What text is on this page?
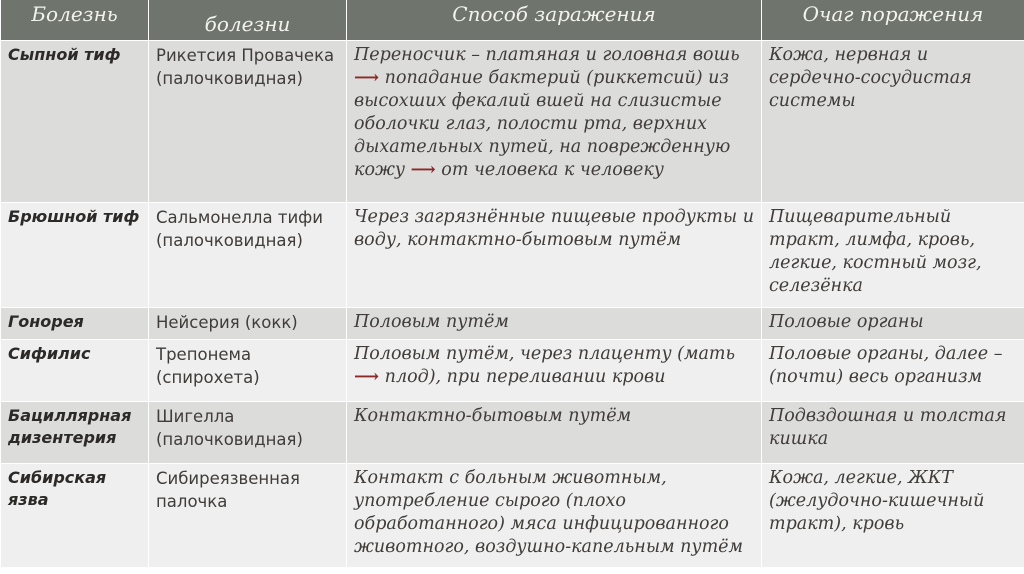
Болезнь	болезни	Способ заражения	Очаг поражения
Сыпной тиф	Рикетсия Провачека (палочковидная)	Переносчик – платяная и головная вошь ⟶ попадание бактерий (риккетсий) из высохших фекалий вшей на слизистые оболочки глаз, полости рта, верхних дыхательных путей, на поврежденную кожу ⟶ от человека к человеку	Кожа, нервная и сердечно-сосудистая системы
Брюшной тиф	Сальмонелла тифи (палочковидная)	Через загрязнённые пищевые продукты и воду, контактно-бытовым путём	Пищеварительный тракт, лимфа, кровь, легкие, костный мозг, селезёнка
Гонорея	Нейсерия (кокк)	Половым путём	Половые органы
Сифилис	Трепонема (спирохета)	Половым путём, через плаценту (мать ⟶ плод), при переливании крови	Половые органы, далее – (почти) весь организм
Бациллярная дизентерия	Шигелла (палочковидная)	Контактно-бытовым путём	Подвздошная и толстая кишка
Сибирская язва	Сибиреязвенная палочка	Контакт с больным животным, употребление сырого (плохо обработанного) мяса инфицированного животного, воздушно-капельным путём	Кожа, легкие, ЖКТ (желудочно-кишечный тракт), кровь
